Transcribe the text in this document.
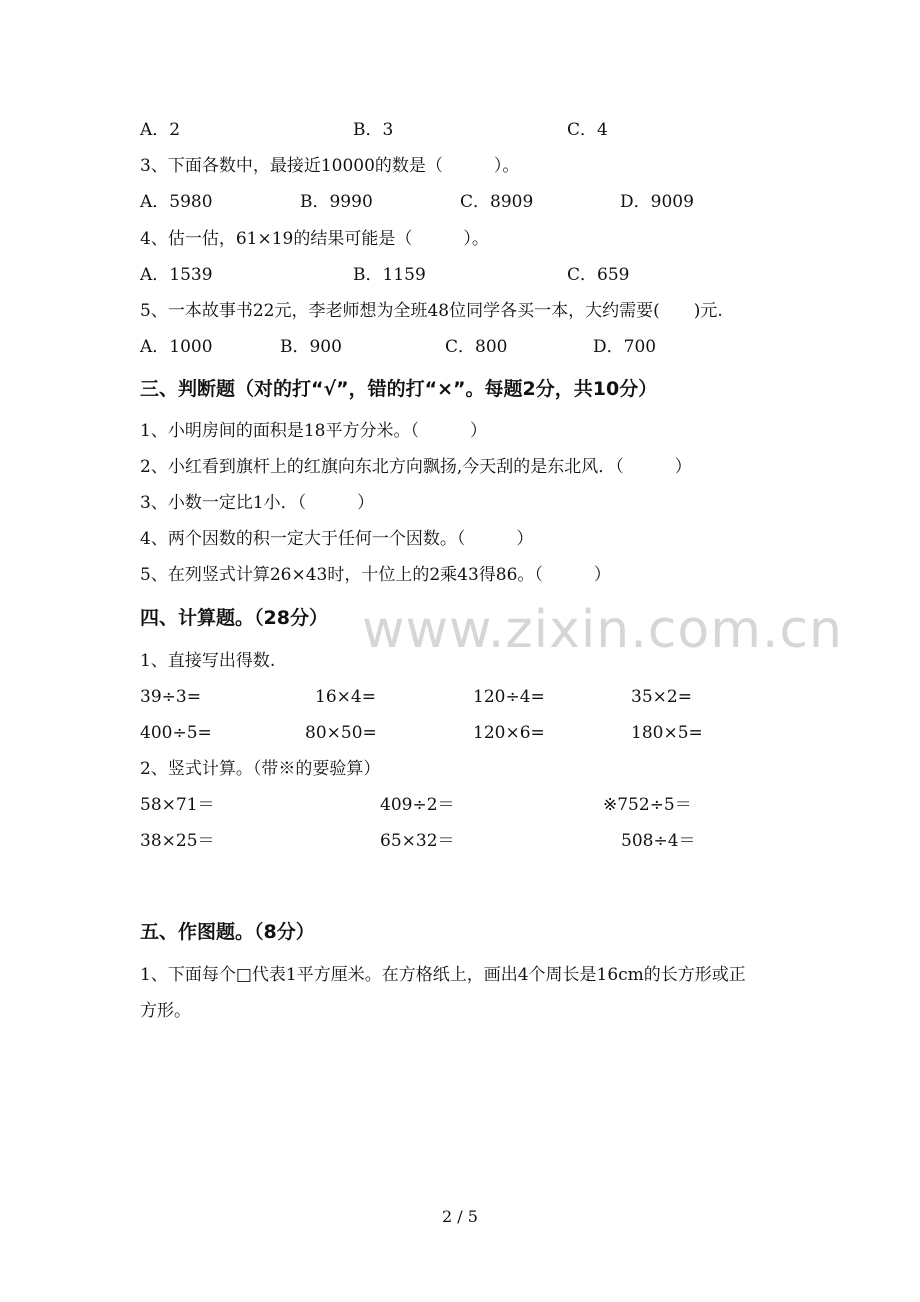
A．2	B．3	C．4
3、下面各数中，最接近10000的数是（　　　）。
A．5980	B．9990	C．8909	D．9009
4、估一估，61×19的结果可能是（　　　）。
A．1539	B．1159	C．659
5、一本故事书22元，李老师想为全班48位同学各买一本，大约需要(　　)元.
A．1000	B．900	C．800	D．700
三、判断题（对的打“√”，错的打“×”。每题2分，共10分）
1、小明房间的面积是18平方分米。（　　　）
2、小红看到旗杆上的红旗向东北方向飘扬,今天刮的是东北风．（　　　）
3、小数一定比1小．（　　　）
4、两个因数的积一定大于任何一个因数。（　　　）
5、在列竖式计算26×43时，十位上的2乘43得86。（　　　）
四、计算题。（28分）
1、直接写出得数.
39÷3=	16×4=	120÷4=	35×2=
400÷5=	80×50=	120×6=	180×5=
2、竖式计算。（带※的要验算）
58×71＝	409÷2＝	※752÷5＝
38×25＝	65×32＝	508÷4＝
五、作图题。（8分）
1、下面每个□代表1平方厘米。在方格纸上，画出4个周长是16cm的长方形或正
方形。
www.zixin.com.cn
2 / 5
